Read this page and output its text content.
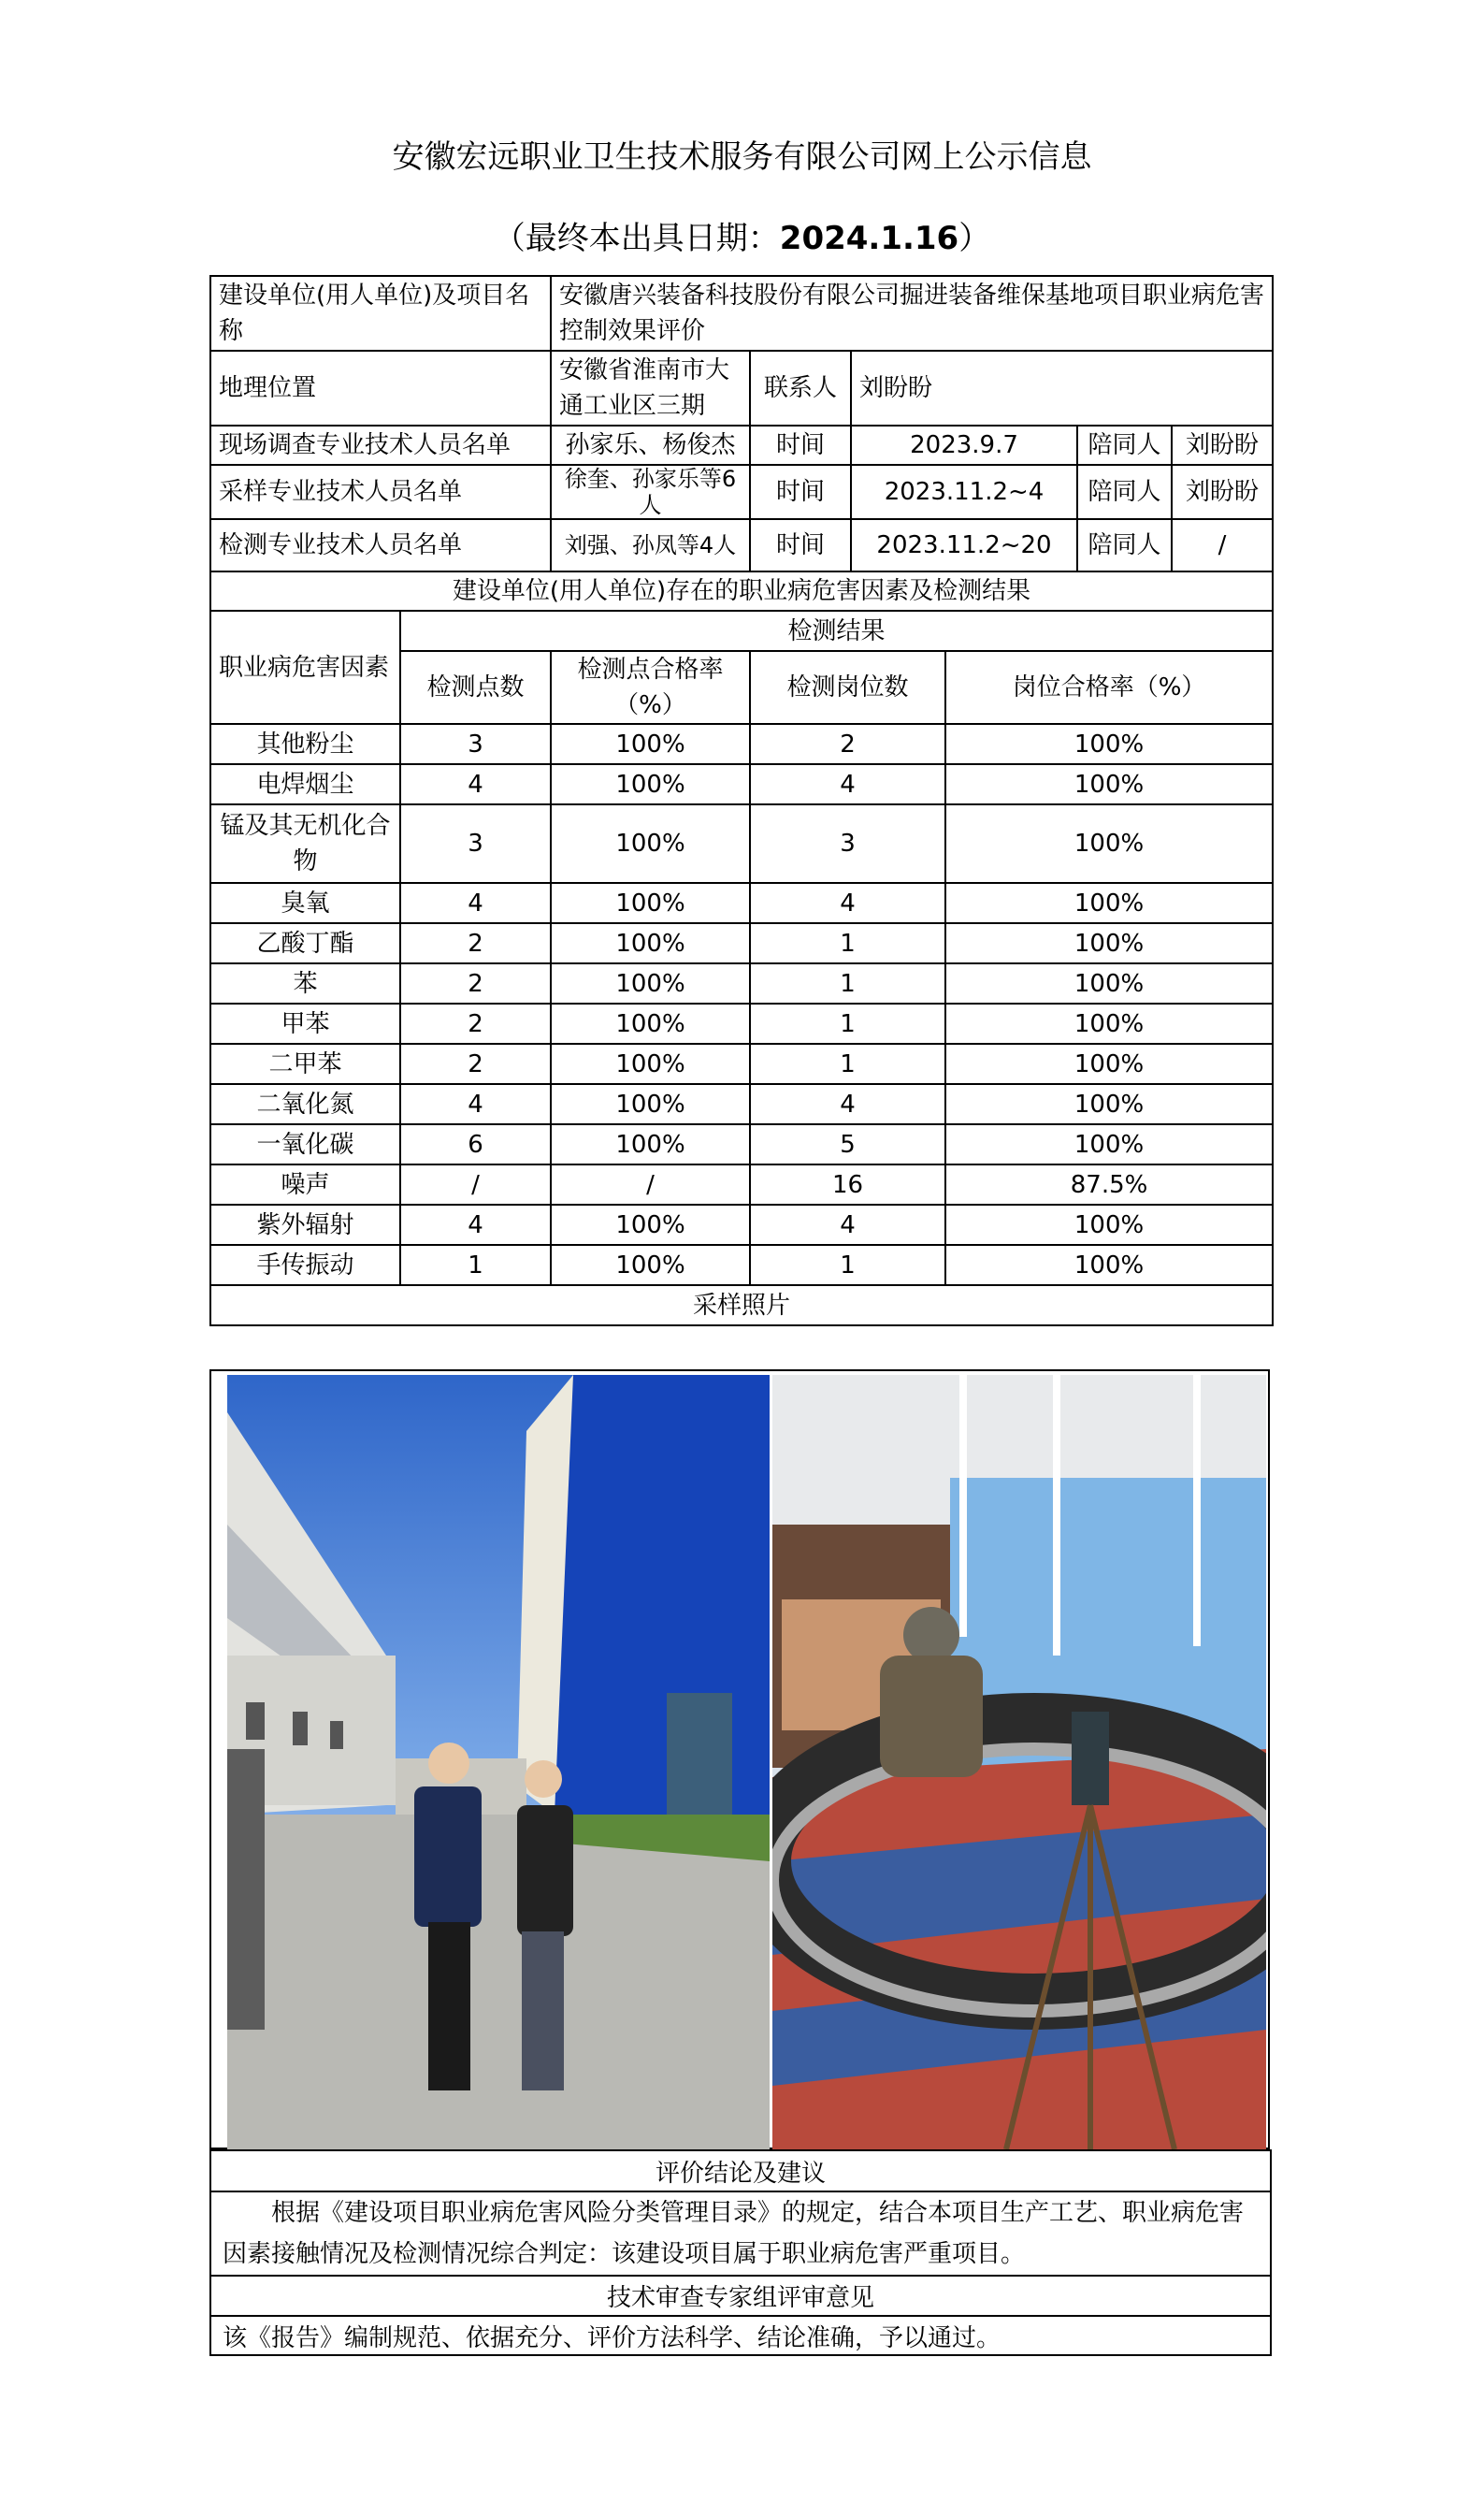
安徽宏远职业卫生技术服务有限公司网上公示信息
（最终本出具日期：2024.1.16）
建设单位(用人单位)及项目名称		安徽唐兴装备科技股份有限公司掘进装备维保基地项目职业病危害控制效果评价					
地理位置		安徽省淮南市大通工业区三期	联系人	刘盼盼			
现场调查专业技术人员名单		孙家乐、杨俊杰	时间	2023.9.7		陪同人	刘盼盼
采样专业技术人员名单		徐奎、孙家乐等6人	时间	2023.11.2~4		陪同人	刘盼盼
检测专业技术人员名单		刘强、孙凤等4人	时间	2023.11.2~20		陪同人	/
建设单位(用人单位)存在的职业病危害因素及检测结果							
职业病危害因素	检测结果						
	检测点数	检测点合格率（%）	检测岗位数		岗位合格率（%）		
其他粉尘	3	100%	2		100%		
电焊烟尘	4	100%	4		100%		
锰及其无机化合物	3	100%	3		100%		
臭氧	4	100%	4		100%		
乙酸丁酯	2	100%	1		100%		
苯	2	100%	1		100%		
甲苯	2	100%	1		100%		
二甲苯	2	100%	1		100%		
二氧化氮	4	100%	4		100%		
一氧化碳	6	100%	5		100%		
噪声	/	/	16		87.5%		
紫外辐射	4	100%	4		100%		
手传振动	1	100%	1		100%		
采样照片							
评价结论及建议
根据《建设项目职业病危害风险分类管理目录》的规定，结合本项目生产工艺、职业病危害因素接触情况及检测情况综合判定：该建设项目属于职业病危害严重项目。
技术审查专家组评审意见
该《报告》编制规范、依据充分、评价方法科学、结论准确，予以通过。
